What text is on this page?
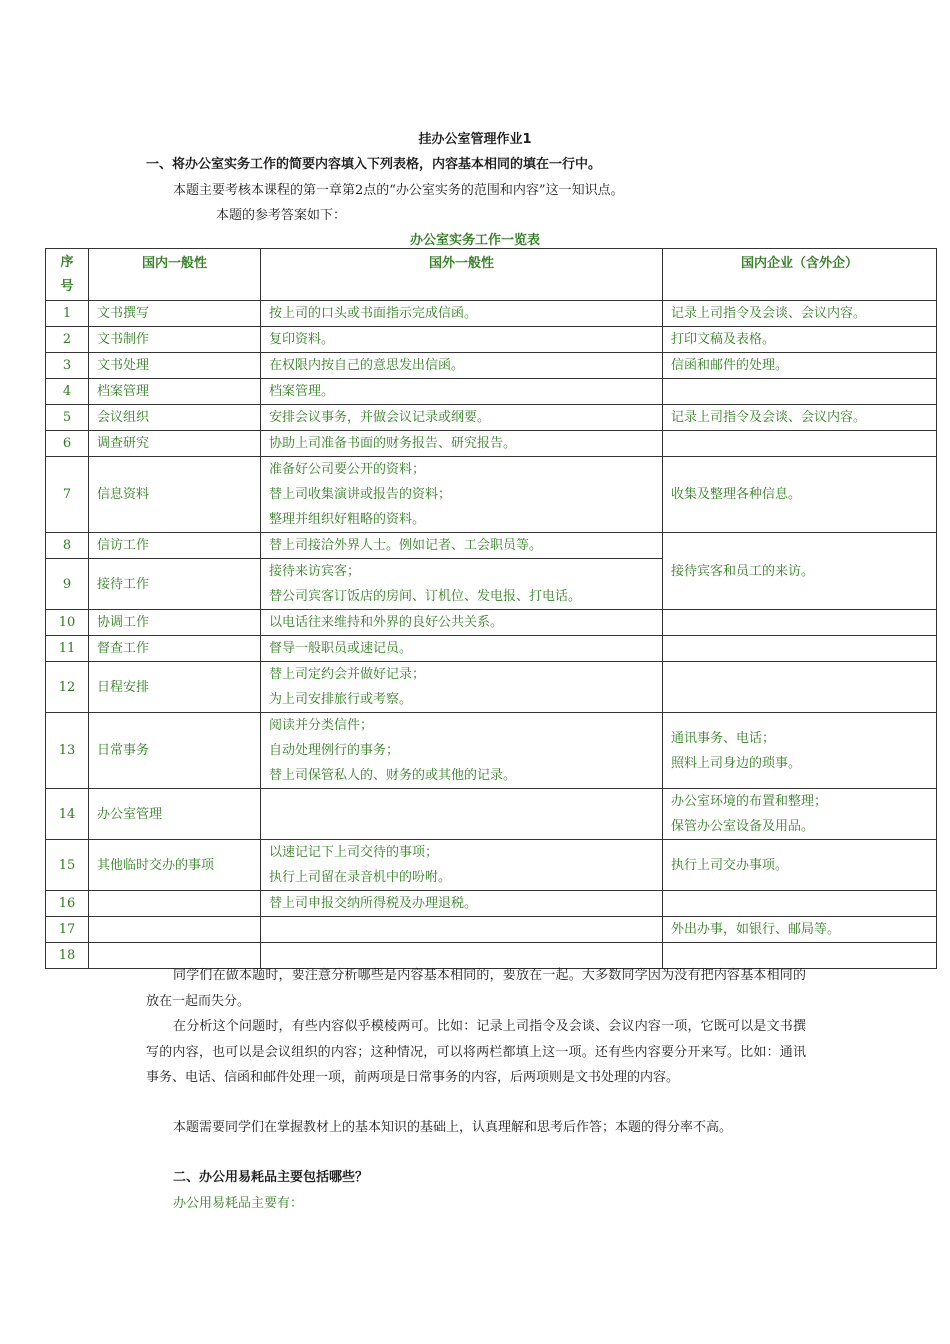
挂办公室管理作业1
一、将办公室实务工作的简要内容填入下列表格，内容基本相同的填在一行中。
本题主要考核本课程的第一章第2点的“办公室实务的范围和内容”这一知识点。
本题的参考答案如下：
办公室实务工作一览表
序
号	国内一般性	国外一般性	国内企业（含外企）
1	文书撰写	按上司的口头或书面指示完成信函。	记录上司指令及会谈、会议内容。

2	文书制作	复印资料。	打印文稿及表格。

3	文书处理	在权限内按自己的意思发出信函。	信函和邮件的处理。

4	档案管理	档案管理。	

5	会议组织	安排会议事务，并做会议记录或纲要。	记录上司指令及会谈、会议内容。

6	调查研究	协助上司准备书面的财务报告、研究报告。	

7	信息资料	准备好公司要公开的资料；
替上司收集演讲或报告的资料；
整理并组织好粗略的资料。	收集及整理各种信息。

8	信访工作	替上司接洽外界人士。例如记者、工会职员等。	接待宾客和员工的来访。

9	接待工作	接待来访宾客；
替公司宾客订饭店的房间、订机位、发电报、打电话。	

10	协调工作	以电话往来维持和外界的良好公共关系。	

11	督查工作	督导一般职员或速记员。	

12	日程安排	替上司定约会并做好记录；
为上司安排旅行或考察。	

13	日常事务	阅读并分类信件；
自动处理例行的事务；
替上司保管私人的、财务的或其他的记录。	通讯事务、电话；
照料上司身边的琐事。

14	办公室管理		办公室环境的布置和整理；
保管办公室设备及用品。

15	其他临时交办的事项	以速记记下上司交待的事项；
执行上司留在录音机中的吩咐。	执行上司交办事项。

16		替上司申报交纳所得税及办理退税。	

17			外出办事，如银行、邮局等。

18			
同学们在做本题时，要注意分析哪些是内容基本相同的，要放在一起。大多数同学因为没有把内容基本相同的放在一起而失分。
在分析这个问题时，有些内容似乎模棱两可。比如：记录上司指令及会谈、会议内容一项，它既可以是文书撰写的内容，也可以是会议组织的内容；这种情况，可以将两栏都填上这一项。还有些内容要分开来写。比如：通讯事务、电话、信函和邮件处理一项，前两项是日常事务的内容，后两项则是文书处理的内容。
本题需要同学们在掌握教材上的基本知识的基础上，认真理解和思考后作答；本题的得分率不高。
二、办公用易耗品主要包括哪些？
办公用易耗品主要有：
